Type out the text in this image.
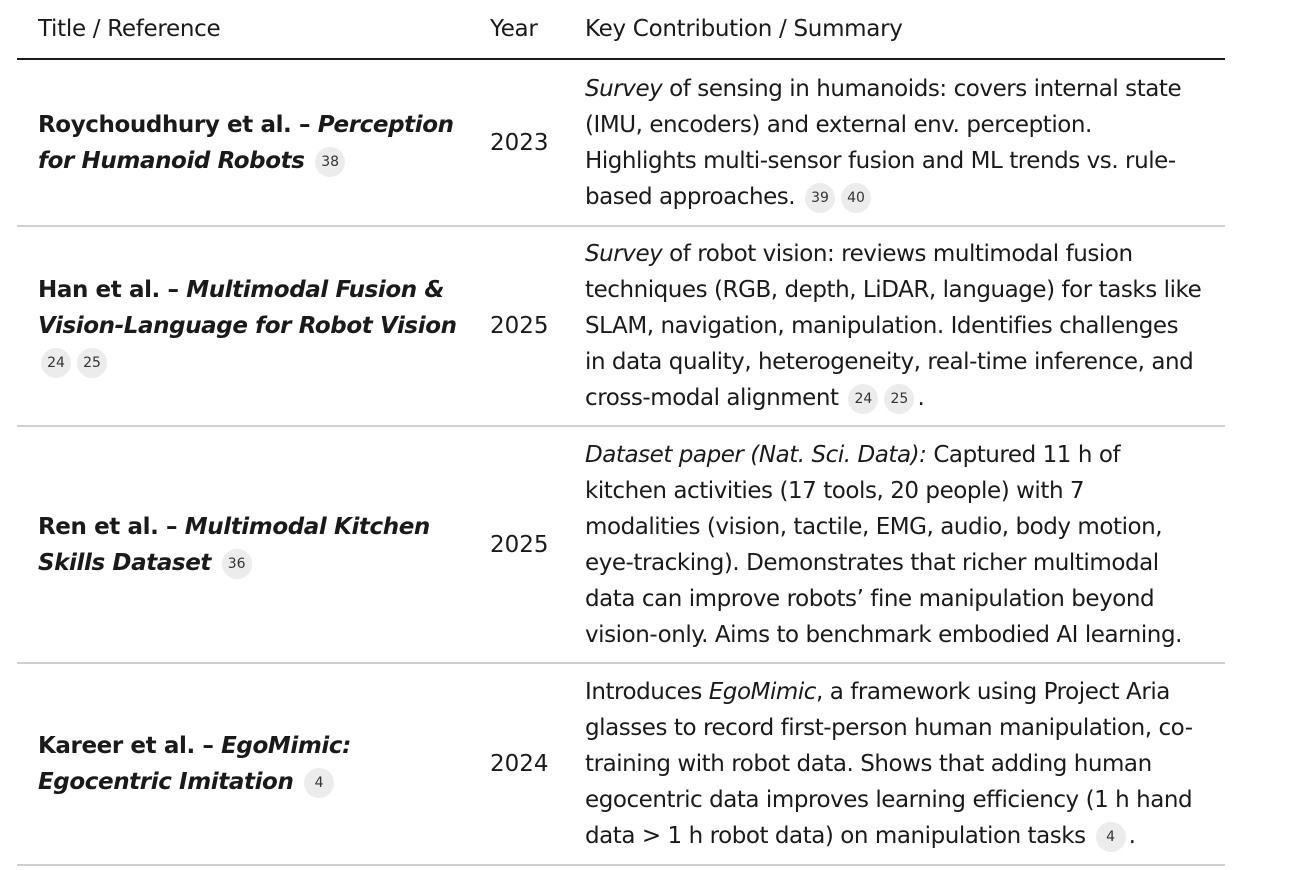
Title / Reference	Year	Key Contribution / Summary
Roychoudhury et al. – Perception for Humanoid Robots 38
2023
Survey of sensing in humanoids: covers internal state (IMU, encoders) and external env. perception. Highlights multi-sensor fusion and ML trends vs. rule-based approaches. 39 40
Han et al. – Multimodal Fusion & Vision-Language for Robot Vision 24 25
2025
Survey of robot vision: reviews multimodal fusion techniques (RGB, depth, LiDAR, language) for tasks like SLAM, navigation, manipulation. Identifies challenges in data quality, heterogeneity, real-time inference, and cross-modal alignment 24 25 .
Ren et al. – Multimodal Kitchen Skills Dataset 36
2025
Dataset paper (Nat. Sci. Data): Captured 11 h of kitchen activities (17 tools, 20 people) with 7 modalities (vision, tactile, EMG, audio, body motion, eye-tracking). Demonstrates that richer multimodal data can improve robots’ fine manipulation beyond vision-only. Aims to benchmark embodied AI learning.
Kareer et al. – EgoMimic: Egocentric Imitation 4
2024
Introduces EgoMimic, a framework using Project Aria glasses to record first-person human manipulation, co-training with robot data. Shows that adding human egocentric data improves learning efficiency (1 h hand data > 1 h robot data) on manipulation tasks 4 .
